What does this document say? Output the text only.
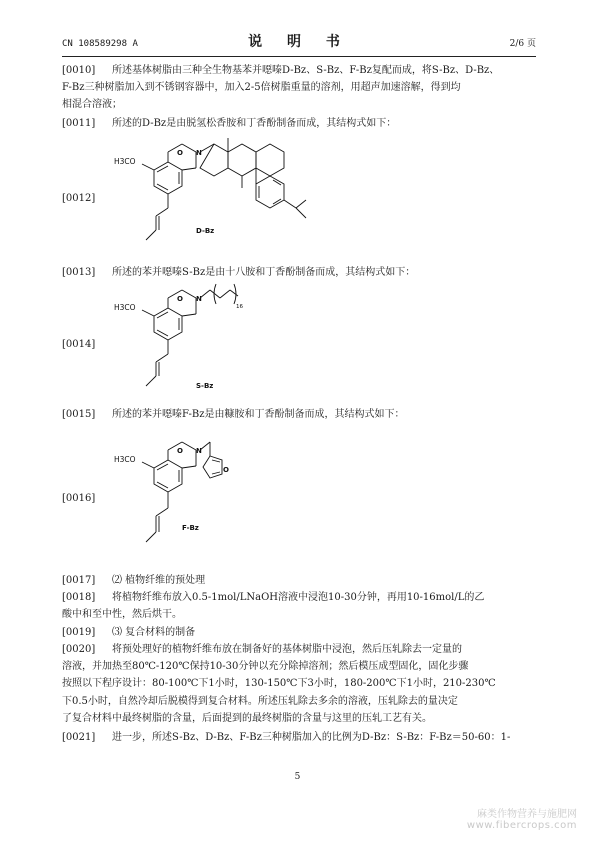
CN 108589298 A	说 明 书	2/6 页
[0010] 所述基体树脂由三种全生物基苯并噁嗪D-Bz、S-Bz、F-Bz复配而成，将S-Bz、D-Bz、
F-Bz三种树脂加入到不锈钢容器中，加入2-5倍树脂重量的溶剂，用超声加速溶解，得到均
相混合溶液；
[0011] 所述的D-Bz是由脱氢松香胺和丁香酚制备而成，其结构式如下：
H3CO
O N
D-Bz
[0012]
[0013] 所述的苯并噁嗪S-Bz是由十八胺和丁香酚制备而成，其结构式如下：
H3CO
O N
16
S-Bz
[0014]
[0015] 所述的苯并噁嗪F-Bz是由糠胺和丁香酚制备而成，其结构式如下：
H3CO
O N
O
F-Bz
[0016]
[0017] ⑵ 植物纤维的预处理
[0018] 将植物纤维布放入0.5-1mol/LNaOH溶液中浸泡10-30分钟，再用10-16mol/L的乙
酸中和至中性，然后烘干。
[0019] ⑶ 复合材料的制备
[0020] 将预处理好的植物纤维布放在制备好的基体树脂中浸泡，然后压轧除去一定量的
溶液，并加热至80℃-120℃保持10-30分钟以充分除掉溶剂；然后模压成型固化，固化步骤
按照以下程序设计：80-100℃下1小时，130-150℃下3小时，180-200℃下1小时，210-230℃
下0.5小时，自然冷却后脱模得到复合材料。所述压轧除去多余的溶液，压轧除去的量决定
了复合材料中最终树脂的含量，后面提到的最终树脂的含量与这里的压轧工艺有关。
[0021] 进一步，所述S-Bz、D-Bz、F-Bz三种树脂加入的比例为D-Bz：S-Bz：F-Bz＝50-60：1-
5
麻类作物营养与施肥网
www.fibercrops.com
